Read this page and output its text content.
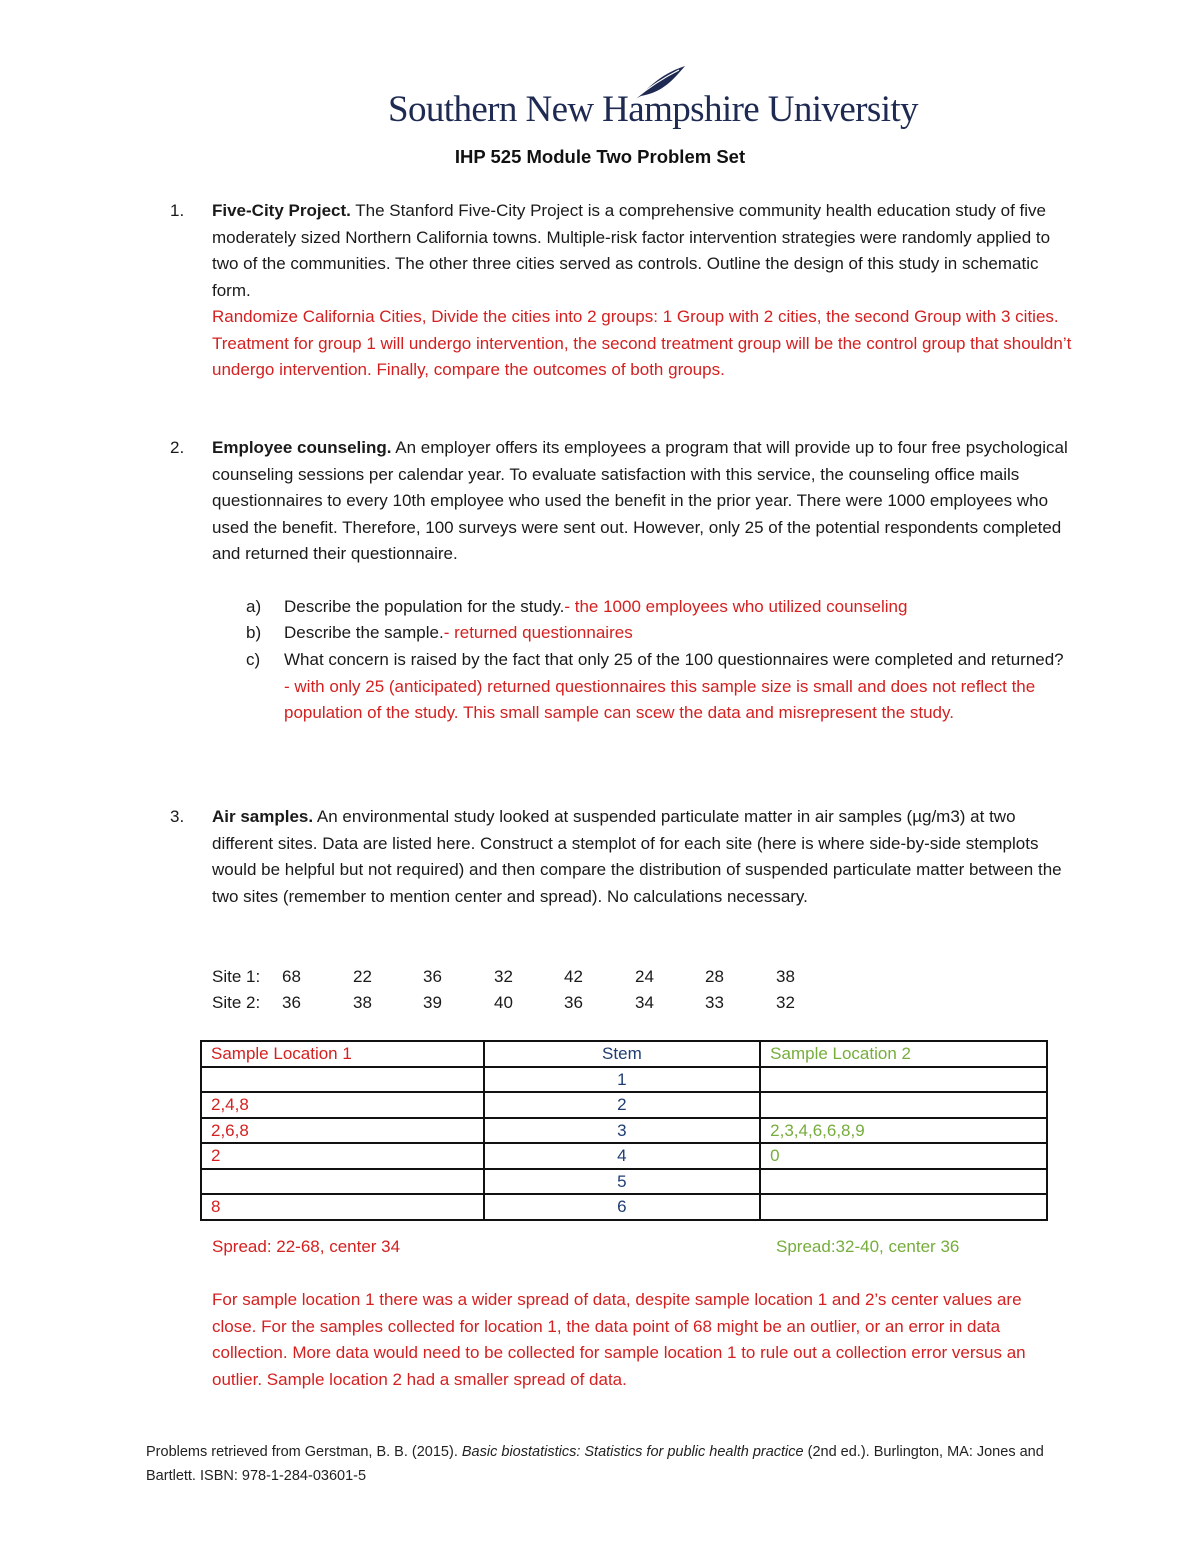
Southern New Hampshire University
IHP 525 Module Two Problem Set
1. Five-City Project. The Stanford Five-City Project is a comprehensive community health education study of five moderately sized Northern California towns. Multiple-risk factor intervention strategies were randomly applied to two of the communities. The other three cities served as controls. Outline the design of this study in schematic form.

Randomize California Cities, Divide the cities into 2 groups: 1 Group with 2 cities, the second Group with 3 cities. Treatment for group 1 will undergo intervention, the second treatment group will be the control group that shouldn’t undergo intervention. Finally, compare the outcomes of both groups.

2. Employee counseling. An employer offers its employees a program that will provide up to four free psychological counseling sessions per calendar year. To evaluate satisfaction with this service, the counseling office mails questionnaires to every 10th employee who used the benefit in the prior year. There were 1000 employees who used the benefit. Therefore, 100 surveys were sent out. However, only 25 of the potential respondents completed and returned their questionnaire.

a) Describe the population for the study.- the 1000 employees who utilized counseling
b) Describe the sample.- returned questionnaires
c) What concern is raised by the fact that only 25 of the 100 questionnaires were completed and returned? - with only 25 (anticipated) returned questionnaires this sample size is small and does not reflect the population of the study. This small sample can scew the data and misrepresent the study.
3. Air samples. An environmental study looked at suspended particulate matter in air samples (µg/m3) at two different sites. Data are listed here. Construct a stemplot of for each site (here is where side-by-side stemplots would be helpful but not required) and then compare the distribution of suspended particulate matter between the two sites (remember to mention center and spread). No calculations necessary.

Site 1: 68	22	36	32	42	24	28	38
Site 2: 36	38	39	40	36	34	33	32
Sample Location 1	Stem	Sample Location 2
	1	
2,4,8	2	
2,6,8	3	2,3,4,6,6,8,9
2	4	0
	5	
8	6	
Spread: 22-68, center 34	Spread:32-40, center 36
For sample location 1 there was a wider spread of data, despite sample location 1 and 2’s center values are close. For the samples collected for location 1, the data point of 68 might be an outlier, or an error in data collection. More data would need to be collected for sample location 1 to rule out a collection error versus an outlier. Sample location 2 had a smaller spread of data.
Problems retrieved from Gerstman, B. B. (2015). Basic biostatistics: Statistics for public health practice (2nd ed.). Burlington, MA: Jones and Bartlett. ISBN: 978-1-284-03601-5
